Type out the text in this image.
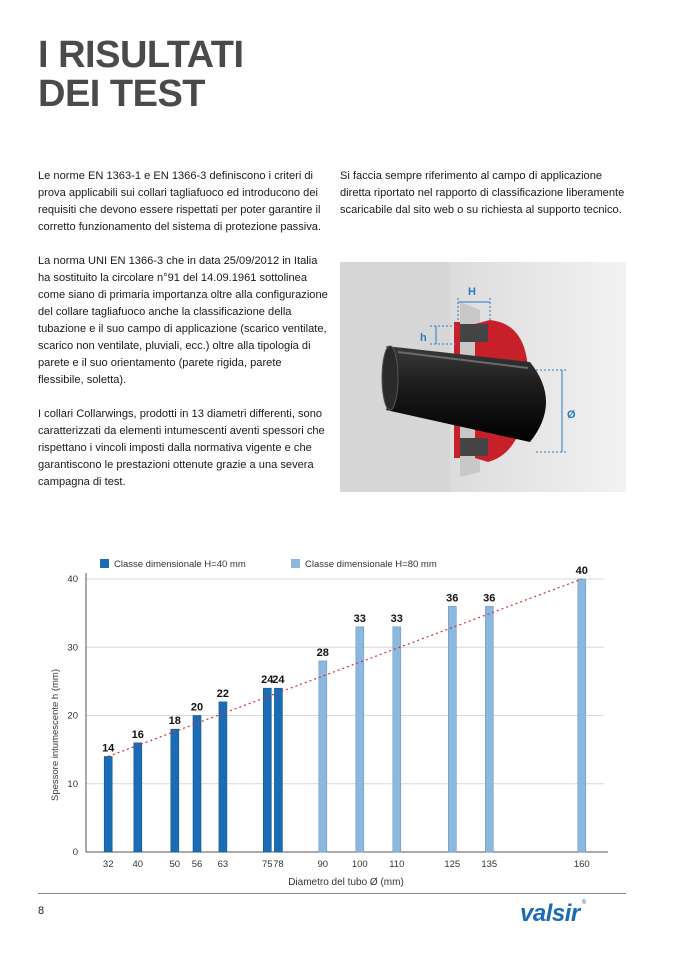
I RISULTATI
DEI TEST

Le norme EN 1363-1 e EN 1366-3 definiscono i criteri di prova applicabili sui collari tagliafuoco ed introducono dei requisiti che devono essere rispettati per poter garantire il corretto funzionamento del sistema di protezione passiva.

La norma UNI EN 1366-3 che in data 25/09/2012 in Italia ha sostituito la circolare n°91 del 14.09.1961 sottolinea come siano di primaria importanza oltre alla configurazione del collare tagliafuoco anche la classificazione della tubazione e il suo campo di applicazione (scarico ventilate, scarico non ventilate, pluviali, ecc.) oltre alla tipologia di parete e il suo orientamento (parete rigida, parete flessibile, soletta).

I collari Collarwings, prodotti in 13 diametri differenti, sono caratterizzati da elementi intumescenti aventi spessori che rispettano i vincoli imposti dalla normativa vigente e che garantiscono le prestazioni ottenute grazie a una severa campagna di test.

Si faccia sempre riferimento al campo di applicazione diretta riportato nel rapporto di classificazione liberamente scaricabile dal sito web o su richiesta al supporto tecnico.

H
h
Ø
Classe dimensionale H=40 mm	Classe dimensionale H=80 mm
0
10
20
30
40
32 40	50 56 63	75 78	90	100 110	125 135	160
14
16
18
20
22
24
24
28
33 33
36 36
40
Diametro del tubo Ø (mm)
Spessore intumescente h (mm)
8	valsir ®
